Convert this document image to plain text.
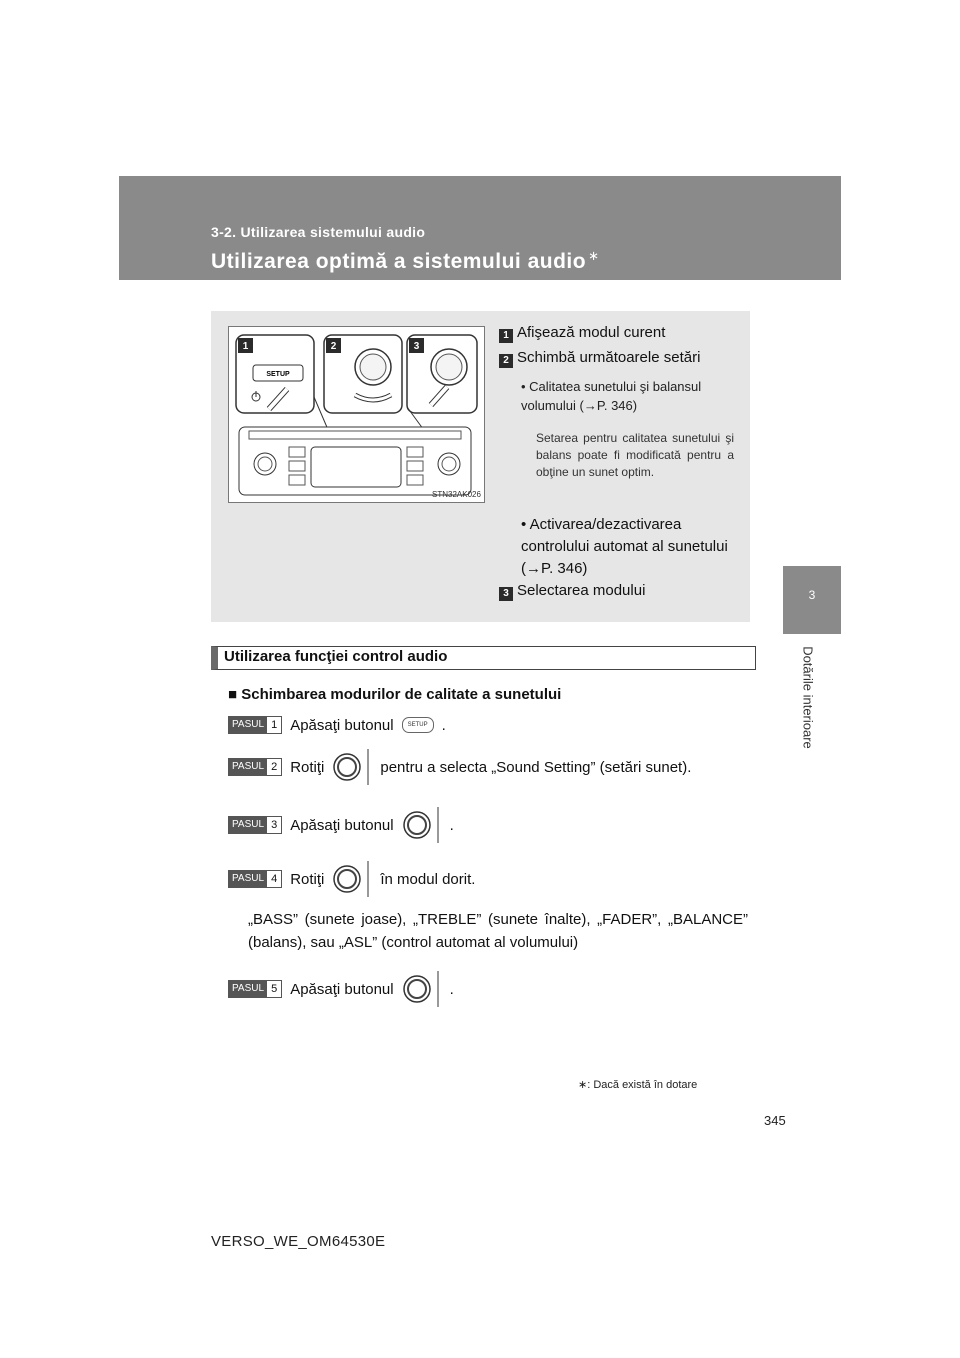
3-2. Utilizarea sistemului audio
Utilizarea optimă a sistemului audio ∗
3
Dotările interioare
SETUP
1	2	3
STN32AK026
1 Afişează modul curent
2 Schimbă următoarele setări
• Calitatea sunetului şi balansul volumului (→P. 346)
Setarea pentru calitatea sunetului şi balans poate fi modificată pentru a obţine un sunet optim.
• Activarea/dezactivarea controlului automat al sunetului (→P. 346)
3 Selectarea modului
Utilizarea funcţiei control audio
■ Schimbarea modurilor de calitate a sunetului
PASUL 1 Apăsaţi butonul	SETUP .
PASUL 2 Rotiţi	pentru a selecta „Sound Setting” (setări sunet).
PASUL 3 Apăsaţi butonul	.
PASUL 4 Rotiţi	în modul dorit.
„BASS” (sunete joase), „TREBLE” (sunete înalte), „FADER”, „BALANCE” (balans), sau „ASL” (control automat al volumului)
PASUL 5 Apăsaţi butonul	.
∗: Dacă există în dotare
345
VERSO_WE_OM64530E
